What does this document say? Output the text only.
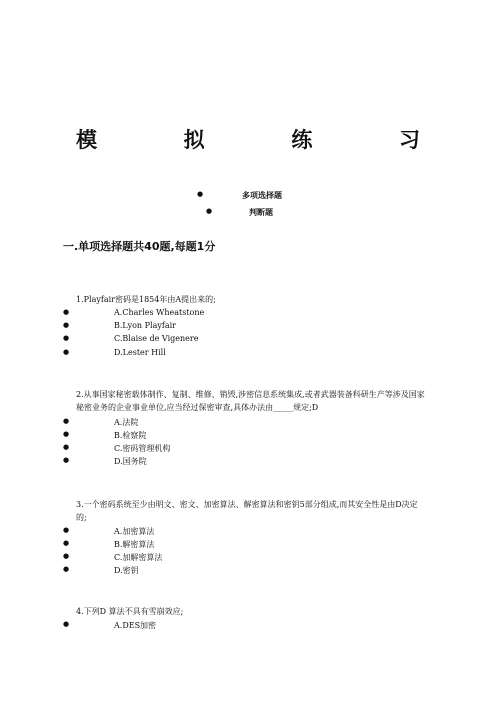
模	拟	练	习
●	多项选择题
●	判断题
一.单项选择题共40题,每题1分
1.Playfair密码是1854年由A提出来的;
●	A.Charles Wheatstone
●	B.Lyon Playfair
●	C.Blaise de Vigenere
●	D.Lester Hill
2.从事国家秘密载体制作、复制、维修、销毁,涉密信息系统集成,或者武器装备科研生产等涉及国家秘密业务的企业事业单位,应当经过保密审查,具体办法由_____规定;D
●	A.法院
●	B.检察院
●	C.密码管理机构
●	D.国务院
3.一个密码系统至少由明文、密文、加密算法、解密算法和密钥5部分组成,而其安全性是由D决定的;
●	A.加密算法
●	B.解密算法
●	C.加解密算法
●	D.密钥
4.下列D 算法不具有雪崩效应;
●	A.DES加密
